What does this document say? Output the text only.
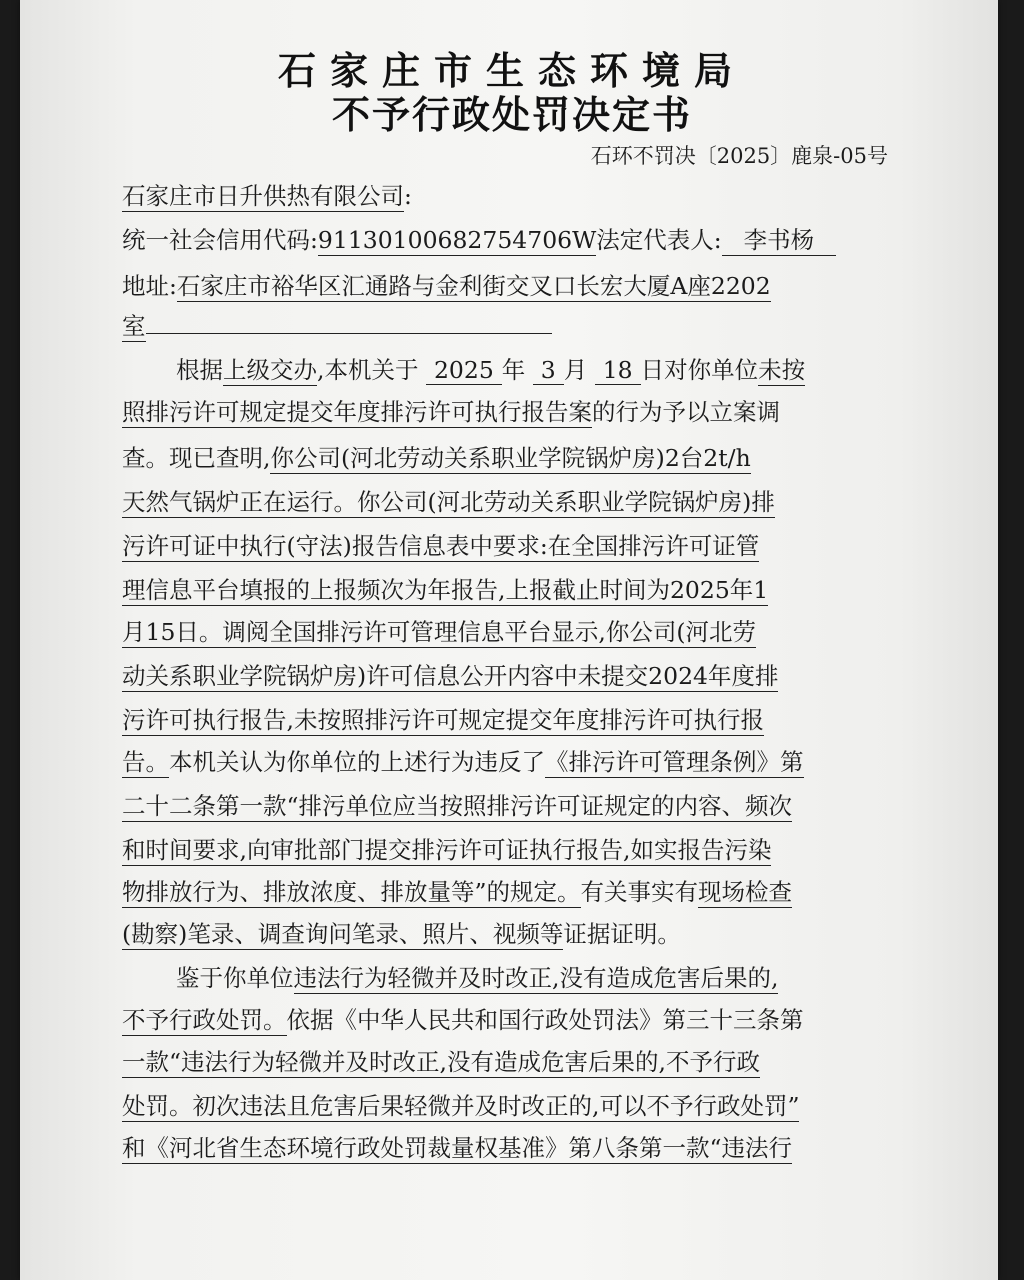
石家庄市生态环境局
不予行政处罚决定书
石环不罚决〔2025〕鹿泉-05号
石家庄市日升供热有限公司:
统一社会信用代码:91130100682754706W法定代表人: 李书杨
地址:石家庄市裕华区汇通路与金利街交叉口长宏大厦A座2202
室
根据上级交办,本机关于 2025 年 3 月 18 日对你单位未按
照排污许可规定提交年度排污许可执行报告案的行为予以立案调
查。现已查明,你公司(河北劳动关系职业学院锅炉房)2台2t/h
天然气锅炉正在运行。你公司(河北劳动关系职业学院锅炉房)排
污许可证中执行(守法)报告信息表中要求:在全国排污许可证管
理信息平台填报的上报频次为年报告,上报截止时间为2025年1
月15日。调阅全国排污许可管理信息平台显示,你公司(河北劳
动关系职业学院锅炉房)许可信息公开内容中未提交2024年度排
污许可执行报告,未按照排污许可规定提交年度排污许可执行报
告。本机关认为你单位的上述行为违反了《排污许可管理条例》第
二十二条第一款“排污单位应当按照排污许可证规定的内容、频次
和时间要求,向审批部门提交排污许可证执行报告,如实报告污染
物排放行为、排放浓度、排放量等”的规定。有关事实有现场检查
(勘察)笔录、调查询问笔录、照片、视频等证据证明。
鉴于你单位违法行为轻微并及时改正,没有造成危害后果的,
不予行政处罚。依据《中华人民共和国行政处罚法》第三十三条第
一款“违法行为轻微并及时改正,没有造成危害后果的,不予行政
处罚。初次违法且危害后果轻微并及时改正的,可以不予行政处罚”
和《河北省生态环境行政处罚裁量权基准》第八条第一款“违法行
